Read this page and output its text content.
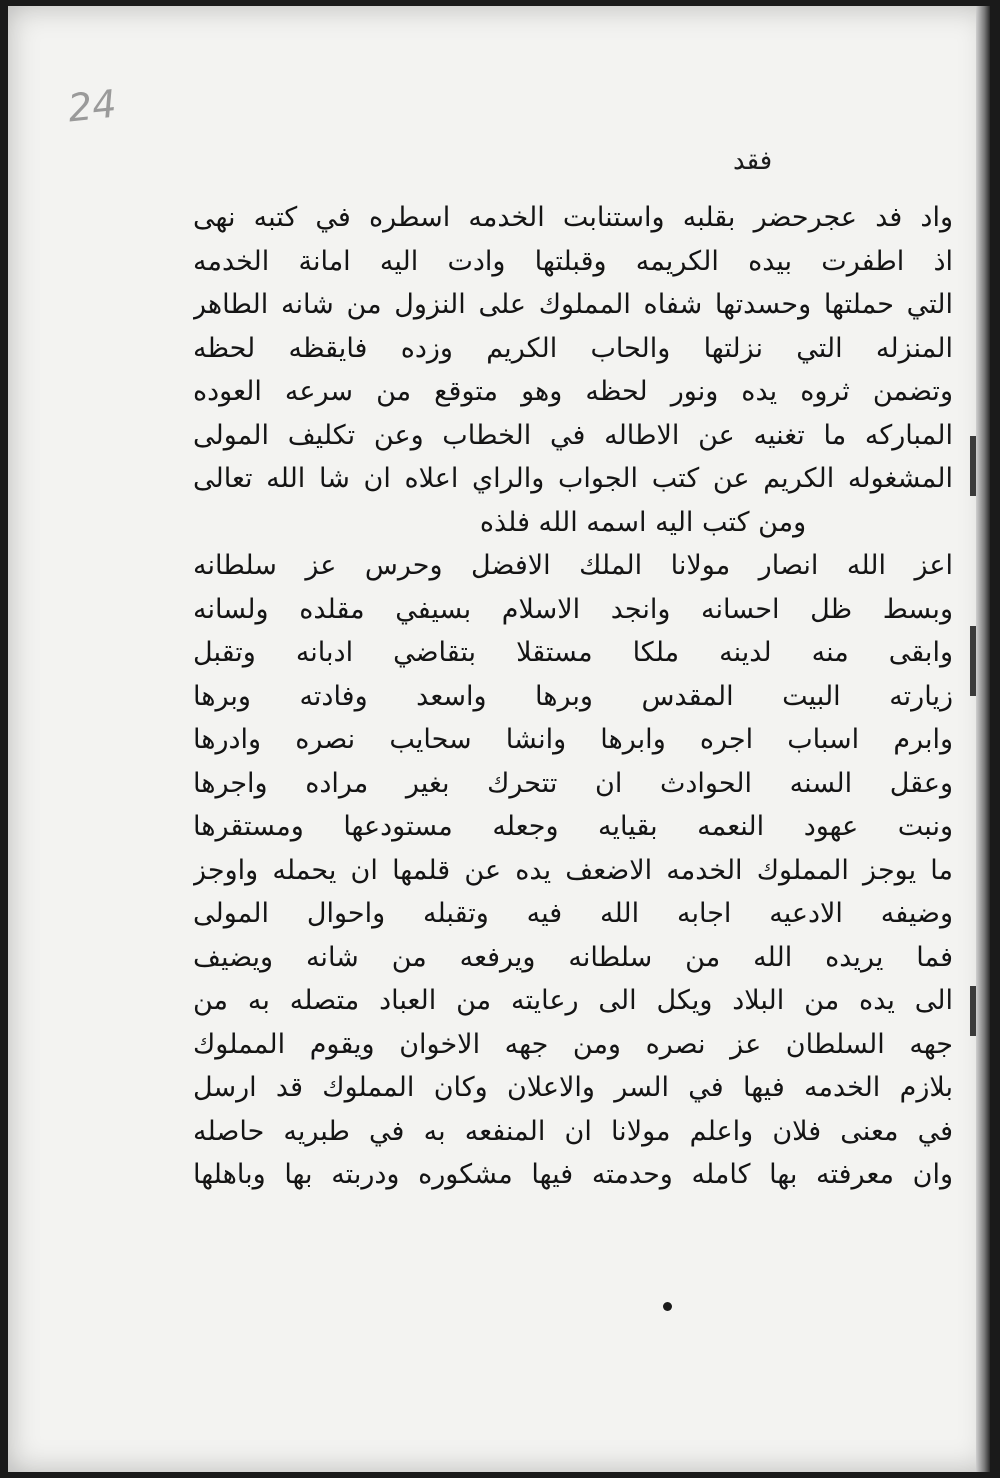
24
فقد
واد فد عجرحضر بقلبه واستنابت الخدمه اسطره في كتبه نهى
اذ اطفرت بيده الكريمه وقبلتها وادت اليه امانة الخدمه
التي حملتها وحسدتها شفاه المملوك على النزول من شانه الطاهر
المنزله التي نزلتها والحاب الكريم وزده فايقظه لحظه
وتضمن ثروه يده ونور لحظه وهو متوقع من سرعه العوده
المباركه ما تغنيه عن الاطاله في الخطاب وعن تكليف المولى
المشغوله الكريم عن كتب الجواب والراي اعلاه ان شا الله تعالى
ومن كتب اليه اسمه الله فلذه
اعز الله انصار مولانا الملك الافضل وحرس عز سلطانه
وبسط ظل احسانه وانجد الاسلام بسيفي مقلده ولسانه
وابقى منه لدينه ملكا مستقلا بتقاضي ادبانه وتقبل
زيارته البيت المقدس وبرها واسعد وفادته وبرها
وابرم اسباب اجره وابرها وانشا سحايب نصره وادرها
وعقل السنه الحوادث ان تتحرك بغير مراده واجرها
ونبت عهود النعمه بقيايه وجعله مستودعها ومستقرها
ما يوجز المملوك الخدمه الاضعف يده عن قلمها ان يحمله واوجز
وضيفه الادعيه اجابه الله فيه وتقبله واحوال المولى
فما يريده الله من سلطانه ويرفعه من شانه ويضيف
الى يده من البلاد ويكل الى رعايته من العباد متصله به من
جهه السلطان عز نصره ومن جهه الاخوان ويقوم المملوك
بلازم الخدمه فيها في السر والاعلان وكان المملوك قد ارسل
في معنى فلان واعلم مولانا ان المنفعه به في طبريه حاصله
وان معرفته بها كامله وحدمته فيها مشكوره ودربته بها وباهلها
